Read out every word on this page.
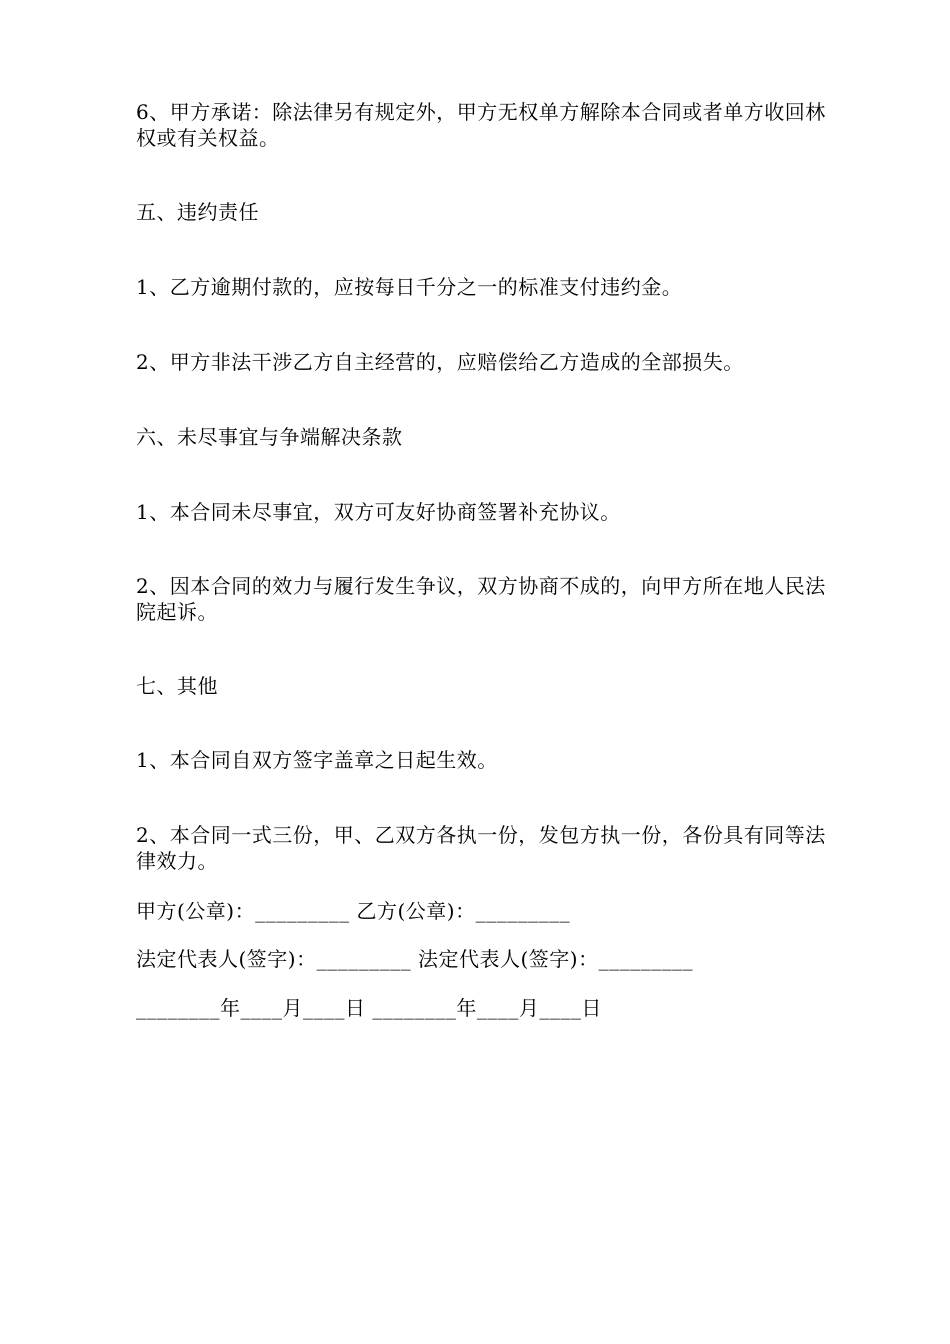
6、甲方承诺：除法律另有规定外，甲方无权单方解除本合同或者单方收回林权或有关权益。

五、违约责任

1、乙方逾期付款的，应按每日千分之一的标准支付违约金。

2、甲方非法干涉乙方自主经营的，应赔偿给乙方造成的全部损失。

六、未尽事宜与争端解决条款

1、本合同未尽事宜，双方可友好协商签署补充协议。

2、因本合同的效力与履行发生争议，双方协商不成的，向甲方所在地人民法院起诉。

七、其他

1、本合同自双方签字盖章之日起生效。

2、本合同一式三份，甲、乙双方各执一份，发包方执一份，各份具有同等法律效力。

甲方(公章)：_________ 乙方(公章)：_________

法定代表人(签字)：_________ 法定代表人(签字)：_________

________年____月____日 ________年____月____日
